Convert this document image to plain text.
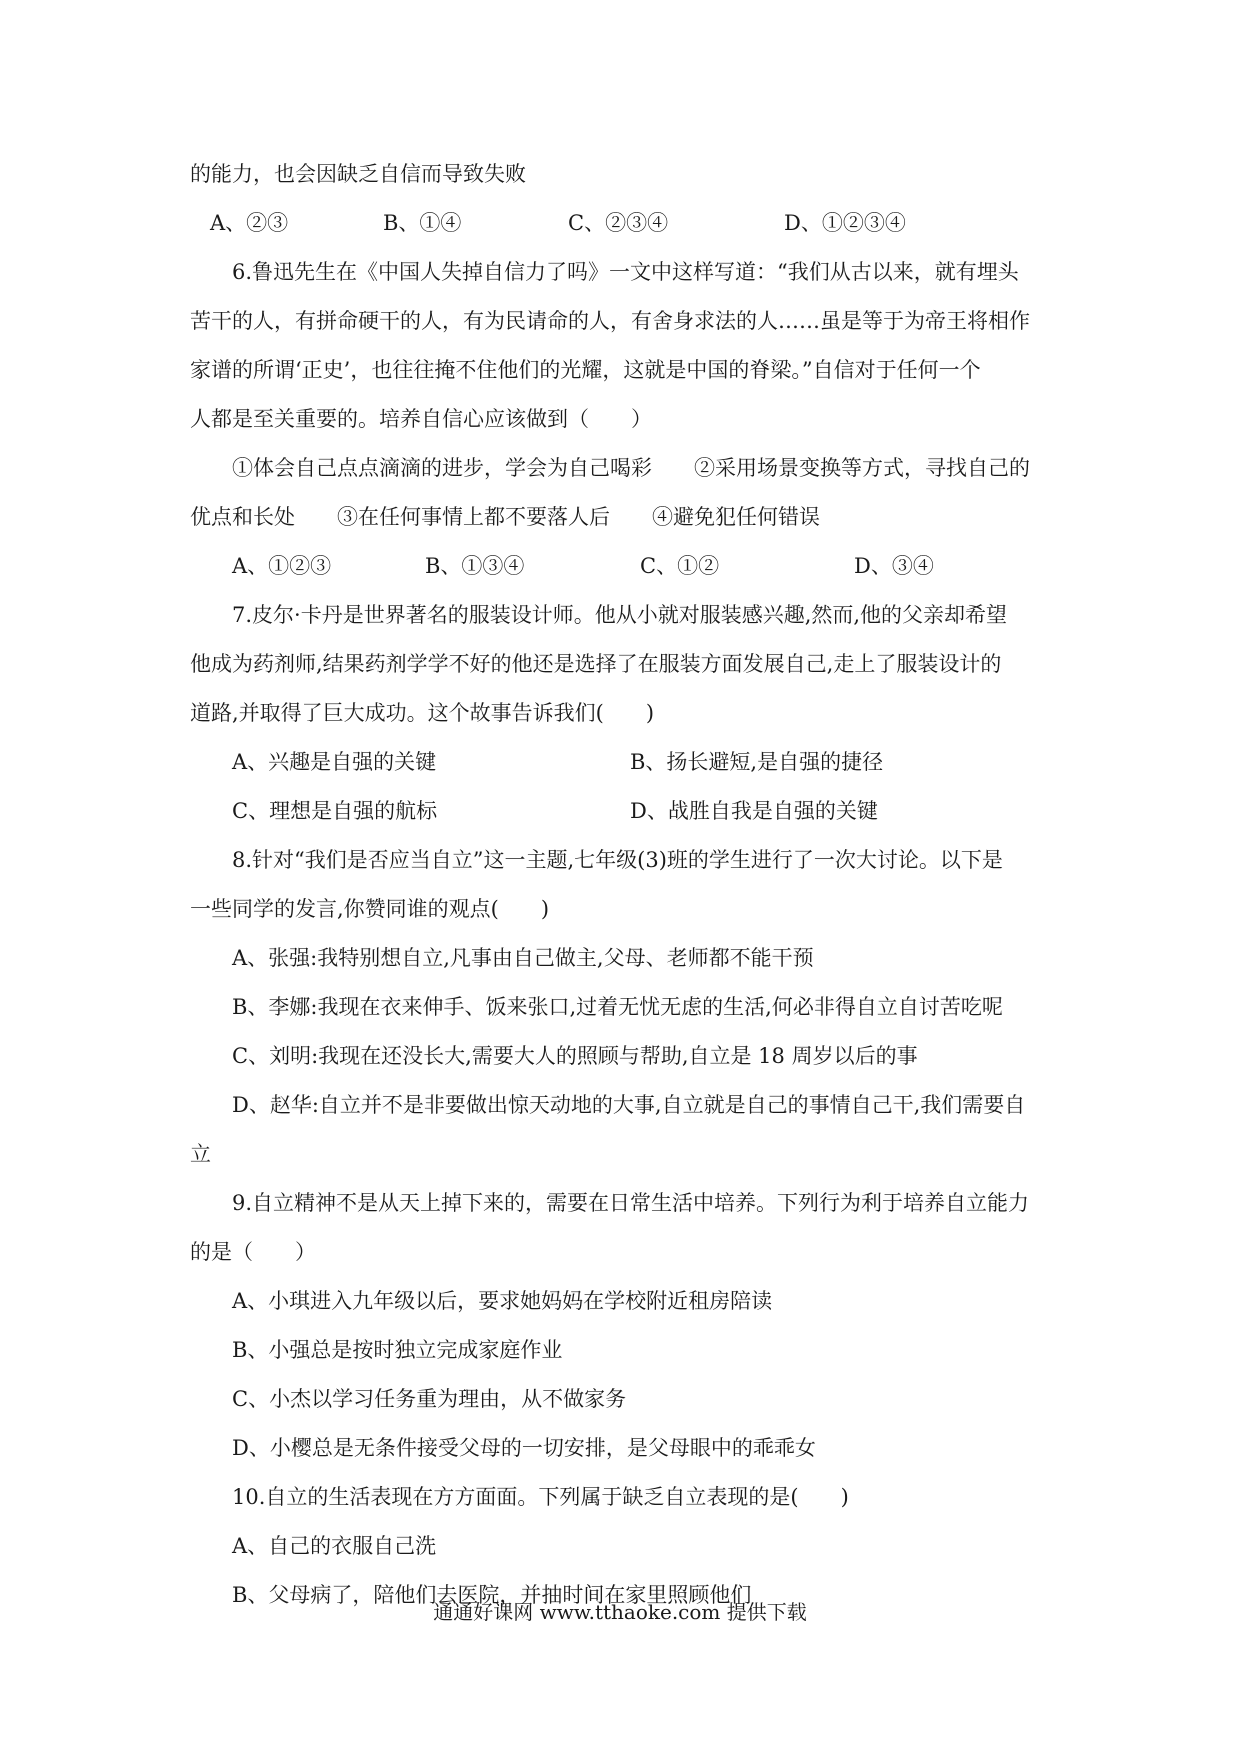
的能力，也会因缺乏自信而导致失败
A、②③	B、①④	C、②③④	D、①②③④
6.鲁迅先生在《中国人失掉自信力了吗》一文中这样写道：“我们从古以来，就有埋头
苦干的人，有拼命硬干的人，有为民请命的人，有舍身求法的人……虽是等于为帝王将相作
家谱的所谓‘正史’，也往往掩不住他们的光耀，这就是中国的脊梁。”自信对于任何一个
人都是至关重要的。培养自信心应该做到（　　）
①体会自己点点滴滴的进步，学会为自己喝彩　　②采用场景变换等方式，寻找自己的
优点和长处　　③在任何事情上都不要落人后　　④避免犯任何错误
A、①②③	B、①③④	C、①②	D、③④
7.皮尔·卡丹是世界著名的服装设计师。他从小就对服装感兴趣,然而,他的父亲却希望
他成为药剂师,结果药剂学学不好的他还是选择了在服装方面发展自己,走上了服装设计的
道路,并取得了巨大成功。这个故事告诉我们(　　)
A、兴趣是自强的关键	B、扬长避短,是自强的捷径
C、理想是自强的航标	D、战胜自我是自强的关键
8.针对“我们是否应当自立”这一主题,七年级(3)班的学生进行了一次大讨论。以下是
一些同学的发言,你赞同谁的观点(　　)
A、张强:我特别想自立,凡事由自己做主,父母、老师都不能干预
B、李娜:我现在衣来伸手、饭来张口,过着无忧无虑的生活,何必非得自立自讨苦吃呢
C、刘明:我现在还没长大,需要大人的照顾与帮助,自立是 18 周岁以后的事
D、赵华:自立并不是非要做出惊天动地的大事,自立就是自己的事情自己干,我们需要自
立
9.自立精神不是从天上掉下来的，需要在日常生活中培养。下列行为利于培养自立能力
的是（　　）
A、小琪进入九年级以后，要求她妈妈在学校附近租房陪读
B、小强总是按时独立完成家庭作业
C、小杰以学习任务重为理由，从不做家务
D、小樱总是无条件接受父母的一切安排，是父母眼中的乖乖女
10.自立的生活表现在方方面面。下列属于缺乏自立表现的是(　　)
A、自己的衣服自己洗
B、父母病了，陪他们去医院，并抽时间在家里照顾他们
通通好课网 www.tthaoke.com 提供下载
